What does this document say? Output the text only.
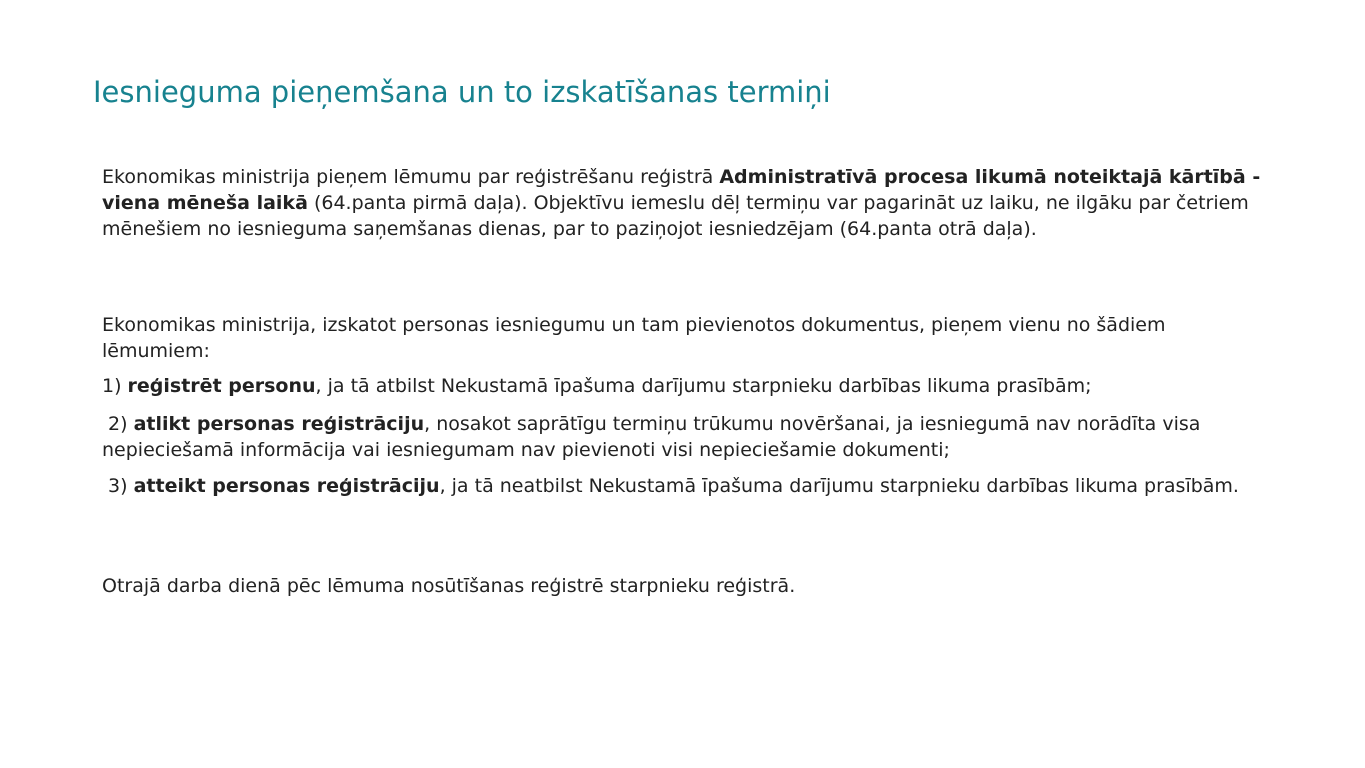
Iesnieguma pieņemšana un to izskatīšanas termiņi

Ekonomikas ministrija pieņem lēmumu par reģistrēšanu reģistrā Administratīvā procesa likumā noteiktajā kārtībā - viena mēneša laikā (64.panta pirmā daļa). Objektīvu iemeslu dēļ termiņu var pagarināt uz laiku, ne ilgāku par četriem mēnešiem no iesnieguma saņemšanas dienas, par to paziņojot iesniedzējam (64.panta otrā daļa).

Ekonomikas ministrija, izskatot personas iesniegumu un tam pievienotos dokumentus, pieņem vienu no šādiem lēmumiem:

1) reģistrēt personu, ja tā atbilst Nekustamā īpašuma darījumu starpnieku darbības likuma prasībām;

2) atlikt personas reģistrāciju, nosakot saprātīgu termiņu trūkumu novēršanai, ja iesniegumā nav norādīta visa nepieciešamā informācija vai iesniegumam nav pievienoti visi nepieciešamie dokumenti;

3) atteikt personas reģistrāciju, ja tā neatbilst Nekustamā īpašuma darījumu starpnieku darbības likuma prasībām.

Otrajā darba dienā pēc lēmuma nosūtīšanas reģistrē starpnieku reģistrā.
